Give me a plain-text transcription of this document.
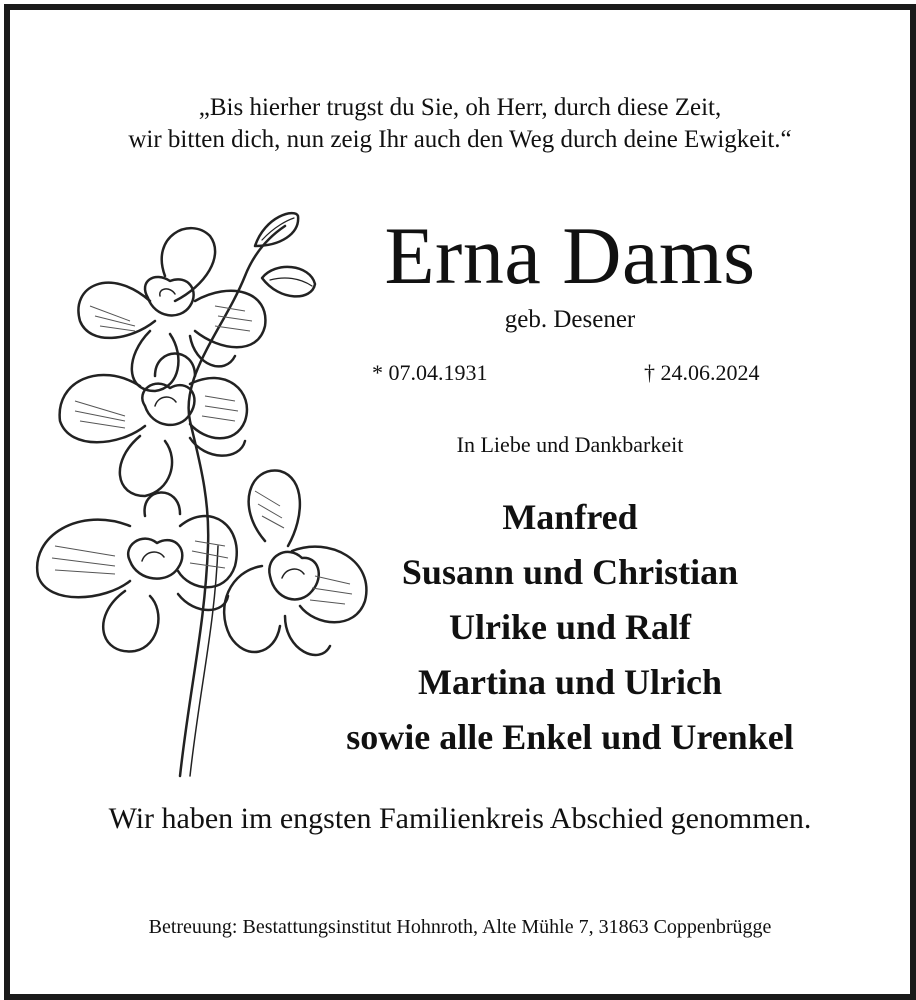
„Bis hierher trugst du Sie, oh Herr, durch diese Zeit,
wir bitten dich, nun zeig Ihr auch den Weg durch deine Ewigkeit.“
Erna Dams
geb. Desener
* 07.04.1931	† 24.06.2024
In Liebe und Dankbarkeit
Manfred
Susann und Christian
Ulrike und Ralf
Martina und Ulrich
sowie alle Enkel und Urenkel
Wir haben im engsten Familienkreis Abschied genommen.
Betreuung: Bestattungsinstitut Hohnroth, Alte Mühle 7, 31863 Coppenbrügge
